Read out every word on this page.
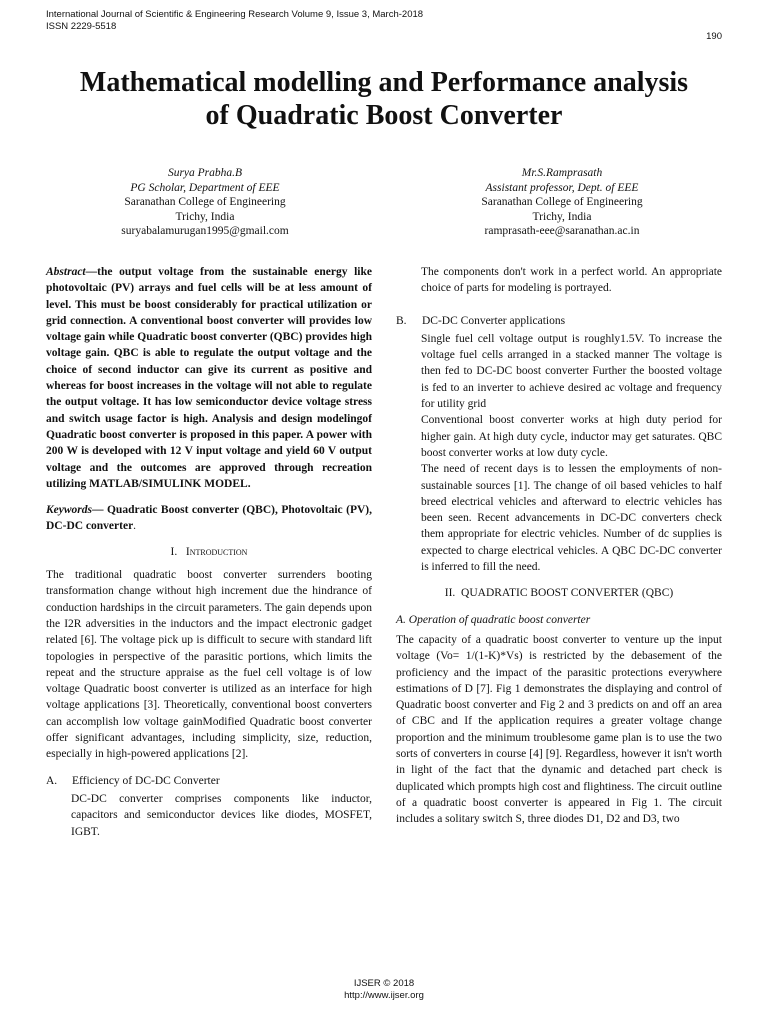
International Journal of Scientific & Engineering Research Volume 9, Issue 3, March-2018
ISSN 2229-5518
190
Mathematical modelling and Performance analysis
of Quadratic Boost Converter
Surya Prabha.B
PG Scholar, Department of EEE
Saranathan College of Engineering
Trichy, India
suryabalamurugan1995@gmail.com
Mr.S.Ramprasath
Assistant professor, Dept. of EEE
Saranathan College of Engineering
Trichy, India
ramprasath-eee@saranathan.ac.in

Abstract—the output voltage from the sustainable energy like photovoltaic (PV) arrays and fuel cells will be at less amount of level. This must be boost considerably for practical utilization or grid connection. A conventional boost converter will provides low voltage gain while Quadratic boost converter (QBC) provides high voltage gain. QBC is able to regulate the output voltage and the choice of second inductor can give its current as positive and whereas for boost increases in the voltage will not able to regulate the output voltage. It has low semiconductor device voltage stress and switch usage factor is high. Analysis and design modelingof Quadratic boost converter is proposed in this paper. A power with 200 W is developed with 12 V input voltage and yield 60 V output voltage and the outcomes are approved through recreation utilizing MATLAB/SIMULINK MODEL.

Keywords— Quadratic Boost converter (QBC), Photovoltaic (PV), DC-DC converter.

I. Introduction

The traditional quadratic boost converter surrenders booting transformation change without high increment due the hindrance of conduction hardships in the circuit parameters. The gain depends upon the I2R adversities in the inductors and the impact electronic gadget related [6]. The voltage pick up is difficult to secure with standard lift topologies in perspective of the parasitic portions, which limits the repeat and the structure appraise as the fuel cell voltage is of low voltage Quadratic boost converter is utilized as an interface for high voltage applications [3]. Theoretically, conventional boost converters can accomplish low voltage gainModified Quadratic boost converter offer significant advantages, including simplicity, size, reduction, especially in high-powered applications [2].

A. Efficiency of DC-DC Converter

DC-DC converter comprises components like inductor, capacitors and semiconductor devices like diodes, MOSFET, IGBT.

The components don't work in a perfect world. An appropriate choice of parts for modeling is portrayed.

B. DC-DC Converter applications

Single fuel cell voltage output is roughly1.5V. To increase the voltage fuel cells arranged in a stacked manner The voltage is then fed to DC-DC boost converter Further the boosted voltage is fed to an inverter to achieve desired ac voltage and frequency for utility grid

Conventional boost converter works at high duty period for higher gain. At high duty cycle, inductor may get saturates. QBC boost converter works at low duty cycle.

The need of recent days is to lessen the employments of non-sustainable sources [1]. The change of oil based vehicles to half breed electrical vehicles and afterward to electric vehicles has been seen. Recent advancements in DC-DC converters check them appropriate for electric vehicles. Number of dc supplies is expected to charge electrical vehicles. A QBC DC-DC converter is inferred to fill the need.

II. QUADRATIC BOOST CONVERTER (QBC)

A. Operation of quadratic boost converter

The capacity of a quadratic boost converter to venture up the input voltage (Vo= 1/(1-K)*Vs) is restricted by the debasement of the proficiency and the impact of the parasitic protections everywhere estimations of D [7]. Fig 1 demonstrates the displaying and control of Quadratic boost converter and Fig 2 and 3 predicts on and off an area of CBC and If the application requires a greater voltage change proportion and the minimum troublesome game plan is to use the two sorts of converters in course [4] [9]. Regardless, however it isn't worth in light of the fact that the dynamic and detached part check is duplicated which prompts high cost and flightiness. The circuit outline of a quadratic boost converter is appeared in Fig 1. The circuit includes a solitary switch S, three diodes D1, D2 and D3, two

IJSER © 2018
http://www.ijser.org
